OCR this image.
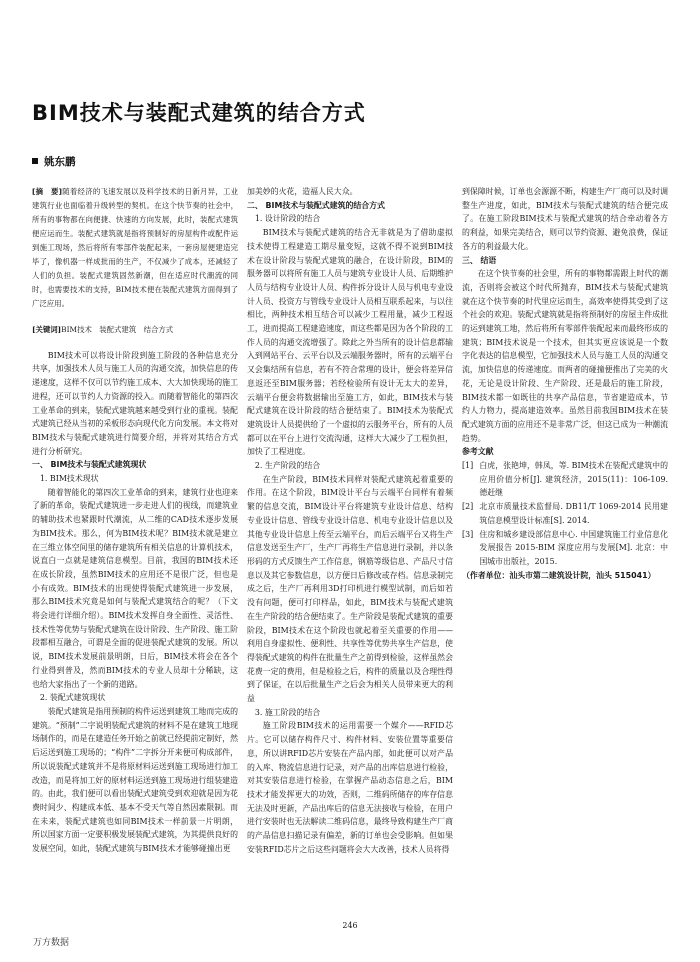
BIM技术与装配式建筑的结合方式
姚东鹏

[摘　要]随着经济的飞速发展以及科学技术的日新月异，工业建筑行业也面临着升级转型的契机。在这个快节奏的社会中，所有的事物都在向便捷、快速的方向发展，此时，装配式建筑便应运而生。装配式建筑就是指将预制好的房屋构件或配件运到施工现场，然后将所有零部件装配起来，一套房屋便建造完毕了，像机器一样成批而的生产，不仅减少了成本，还减轻了人们的负担。装配式建筑固然新潮，但在适应时代潮流的同时，也需要技术的支持，BIM技术便在装配式建筑方面得到了广泛应用。

[关键词]BIM技术　装配式建筑　结合方式

BIM技术可以将设计阶段到施工阶段的各种信息充分共享，加强技术人员与施工人员的沟通交流，加快信息的传递速度，这样不仅可以节约施工成本、大大加快现场的施工进程，还可以节约人力资源的投入。而随着智能化的第四次工业革命的到来，装配式建筑越来越受到行业的重视。装配式建筑已经从当初的采板形态向现代化方向发展。本文将对BIM技术与装配式建筑进行简要介绍，并将对其结合方式进行分析研究。

一、 BIM技术与装配式建筑现状

1. BIM技术现状

随着智能化的第四次工业革命的到来，建筑行业也迎来了新的革命，装配式建筑进一步走进人们的视线，而建筑业的辅助技术也紧跟时代潮流，从二维的CAD技术逐步发展为BIM技术。那么，何为BIM技术呢？BIM技术就是建立在三维立体空间里的储存建筑所有相关信息的计算机技术，说直白一点就是建筑信息模型。目前，我国的BIM技术还在成长阶段，虽然BIM技术的应用还不是很广泛，但也是小有成效。BIM技术的出现使得装配式建筑进一步发展，那么BIM技术究竟是如何与装配式建筑结合的呢？（下文将会进行详细介绍）。BIM技术发挥自身全面性、灵活性、技术性等优势与装配式建筑在设计阶段、生产阶段、施工阶段都相互融合，可谓是全面的促进装配式建筑的发展。所以说，BIM技术发展前景明朗，日后，BIM技术将会在各个行业得到普及，然而BIM技术的专业人员却十分稀缺，这也给大家指出了一个新的道路。

2. 装配式建筑现状

装配式建筑是指用预制的构件运送到建筑工地而完成的建筑。“预制”二字说明装配式建筑的材料不是在建筑工地现场制作的，而是在建造任务开始之前就已经提前定制好，然后运送到施工现场的；“构件”二字拆分开来便可构成部件，所以说装配式建筑并不是将原材料运送到施工现场进行加工改造，而是将加工好的原材料运送到施工现场进行组装建造的。由此，我们便可以看出装配式建筑受到欢迎就是因为花费时间少、构建成本低、基本不受天气等自然因素限制。而在未来，装配式建筑也如同BIM技术一样前景一片明朗，所以国家方面一定要积极发展装配式建筑，为其提供良好的发展空间，如此，装配式建筑与BIM技术才能够碰撞出更

加美妙的火花，造福人民大众。

二、 BIM技术与装配式建筑的结合方式

1. 设计阶段的结合

BIM技术与装配式建筑的结合无非就是为了借助虚拟技术使得工程建造工期尽量变短，这就不得不说到BIM技术在设计阶段与装配式建筑的融合，在设计阶段，BIM的服务器可以将所有施工人员与建筑专业设计人员、后期维护人员与结构专业设计人员、构件拆分设计人员与机电专业设计人员、投资方与管线专业设计人员相互联系起来，与以往相比，两种技术相互结合可以减少工程用量，减少工程返工，进而提高工程建造速度，而这些都是因为各个阶段的工作人员的沟通交流增强了。除此之外当所有的设计信息都输入到网站平台、云平台以及云端服务器时，所有的云端平台又会集结所有信息，若有不符合常理的设计，便会将差异信息返还至BIM服务器；若经检验所有设计无太大的差异，云端平台便会将数据输出至施工方，如此，BIM技术与装配式建筑在设计阶段的结合便结束了。BIM技术为装配式建筑设计人员提供给了一个虚拟的云服务平台，所有的人员都可以在平台上进行交流沟通，这样大大减少了工程负担，加快了工程进度。

2. 生产阶段的结合

在生产阶段，BIM技术同样对装配式建筑起着重要的作用。在这个阶段，BIM设计平台与云端平台同样有着频繁的信息交流，BIM设计平台将建筑专业设计信息、结构专业设计信息、管线专业设计信息、机电专业设计信息以及其他专业设计信息上传至云端平台，而后云端平台又将生产信息发送至生产厂，生产厂再将生产信息进行录制，并以条形码的方式反馈生产工作信息，钢筋等级信息、产品尺寸信息以及其它参数信息，以方便日后修改或存档。信息录制完成之后，生产厂再利用3D打印机进行模型试制，而后如若没有问题，便可打印样品，如此，BIM技术与装配式建筑在生产阶段的结合便结束了。生产阶段是装配式建筑的重要阶段，BIM技术在这个阶段也就起着至关重要的作用——利用自身虚拟性、便利性、共享性等优势共享生产信息，使得装配式建筑的构件在批量生产之前得到检验，这样虽然会花费一定的费用，但是检验之后，构件的质量以及合理性得到了保证，在以后批量生产之后会为相关人员带来更大的利益

3. 施工阶段的结合

施工阶段BIM技术的运用需要一个媒介——RFID芯片。它可以储存构件尺寸、构件材料、安装位置等重要信息，所以讲RFID芯片安装在产品内部，如此便可以对产品的入库、物流信息进行记录，对产品的出库信息进行检验，对其安装信息进行检验，在掌握产品动态信息之后，BIM技术才能发挥更大的功效，否则，二维码所储存的库存信息无法及时更新，产品出库后的信息无法接收与检验，在用户进行安装时也无法解读二维码信息，最终导致构建生产厂商的产品信息扫描记录有偏差，新的订单也会受影响。但如果安装RFID芯片之后这些问题将会大大改善，技术人员将得

到保障时候，订单也会源源不断，构建生产厂商可以及时调整生产进度，如此，BIM技术与装配式建筑的结合便完成了。在施工阶段BIM技术与装配式建筑的结合牵动着各方的利益，如果完美结合，则可以节约资源、避免浪费，保证各方的利益最大化。

三、 结语

在这个快节奏的社会里，所有的事物都需跟上时代的潮流，否则将会被这个时代所抛弃，BIM技术与装配式建筑就在这个快节奏的时代里应运而生，高效率使得其受到了这个社会的欢迎。装配式建筑就是指将预制好的房屋主件成批的运到建筑工地，然后将所有零部件装配起来而最终形成的建筑；BIM技术说是一个技术，但其实更应该说是一个数字化表达的信息模型，它加强技术人员与施工人员的沟通交流，加快信息的传递速度。而两者的碰撞便推出了完美的火花，无论是设计阶段、生产阶段、还是最后的施工阶段，BIM技术都一如既往的共享产品信息，节省建造成本，节约人力物力，提高建造效率。虽然目前我国BIM技术在装配式建筑方面的应用还不是非常广泛，但这已成为一种潮流趋势。

参考文献

[1] 白虎，张艳坤，韩凤，等. BIM技术在装配式建筑中的应用价值分析[J]. 建筑经济，2015(11)：106-109. 德赶继

[2] 北京市质量技术监督局. DB11/T 1069-2014 民用建筑信息模型设计标准[S]. 2014.

[3] 住房和城乡建设部信息中心. 中国建筑施工行业信息化发展报告 2015-BIM 深度应用与发展[M]. 北京：中国城市出版社，2015.

（作者单位：汕头市第二建筑设计院，汕头 515041）

246
万方数据
